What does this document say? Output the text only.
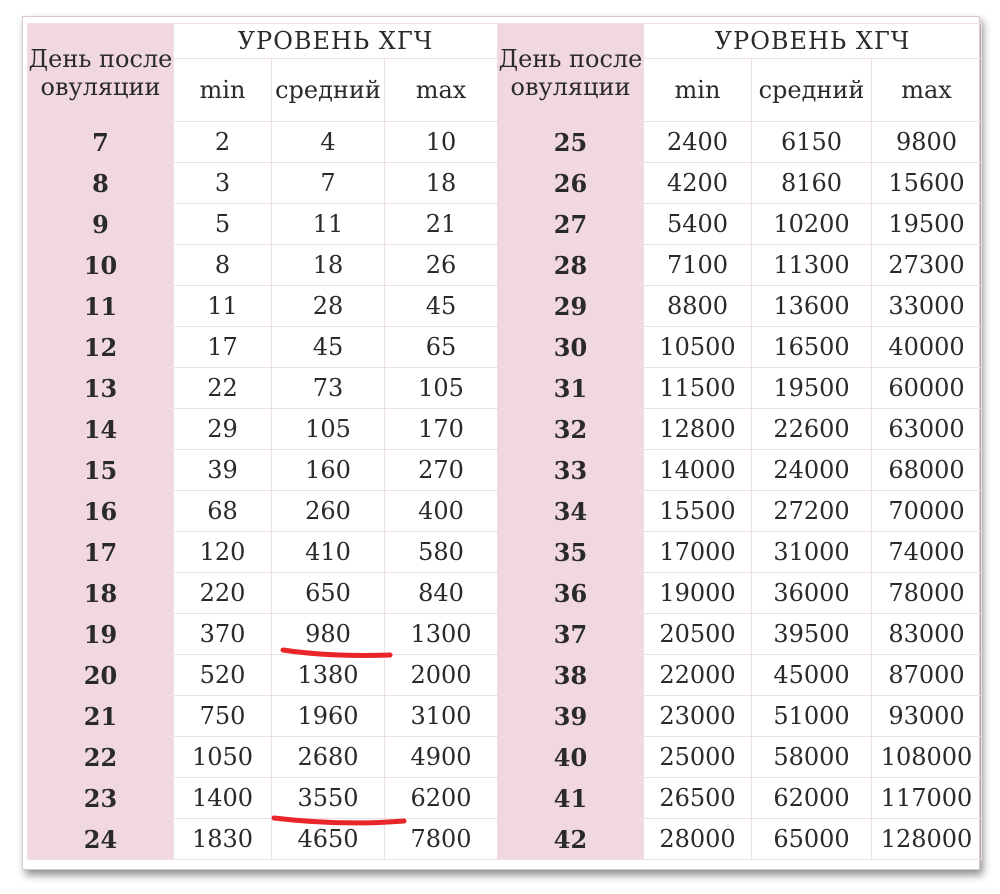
День после овуляции	УРОВЕНЬ ХГЧ			День после овуляции	УРОВЕНЬ ХГЧ		
	min	средний	max		min	средний	max
7	2	4	10	25	2400	6150	9800
8	3	7	18	26	4200	8160	15600
9	5	11	21	27	5400	10200	19500
10	8	18	26	28	7100	11300	27300
11	11	28	45	29	8800	13600	33000
12	17	45	65	30	10500	16500	40000
13	22	73	105	31	11500	19500	60000
14	29	105	170	32	12800	22600	63000
15	39	160	270	33	14000	24000	68000
16	68	260	400	34	15500	27200	70000
17	120	410	580	35	17000	31000	74000
18	220	650	840	36	19000	36000	78000
19	370	980	1300	37	20500	39500	83000
20	520	1380	2000	38	22000	45000	87000
21	750	1960	3100	39	23000	51000	93000
22	1050	2680	4900	40	25000	58000	108000
23	1400	3550	6200	41	26500	62000	117000
24	1830	4650	7800	42	28000	65000	128000
